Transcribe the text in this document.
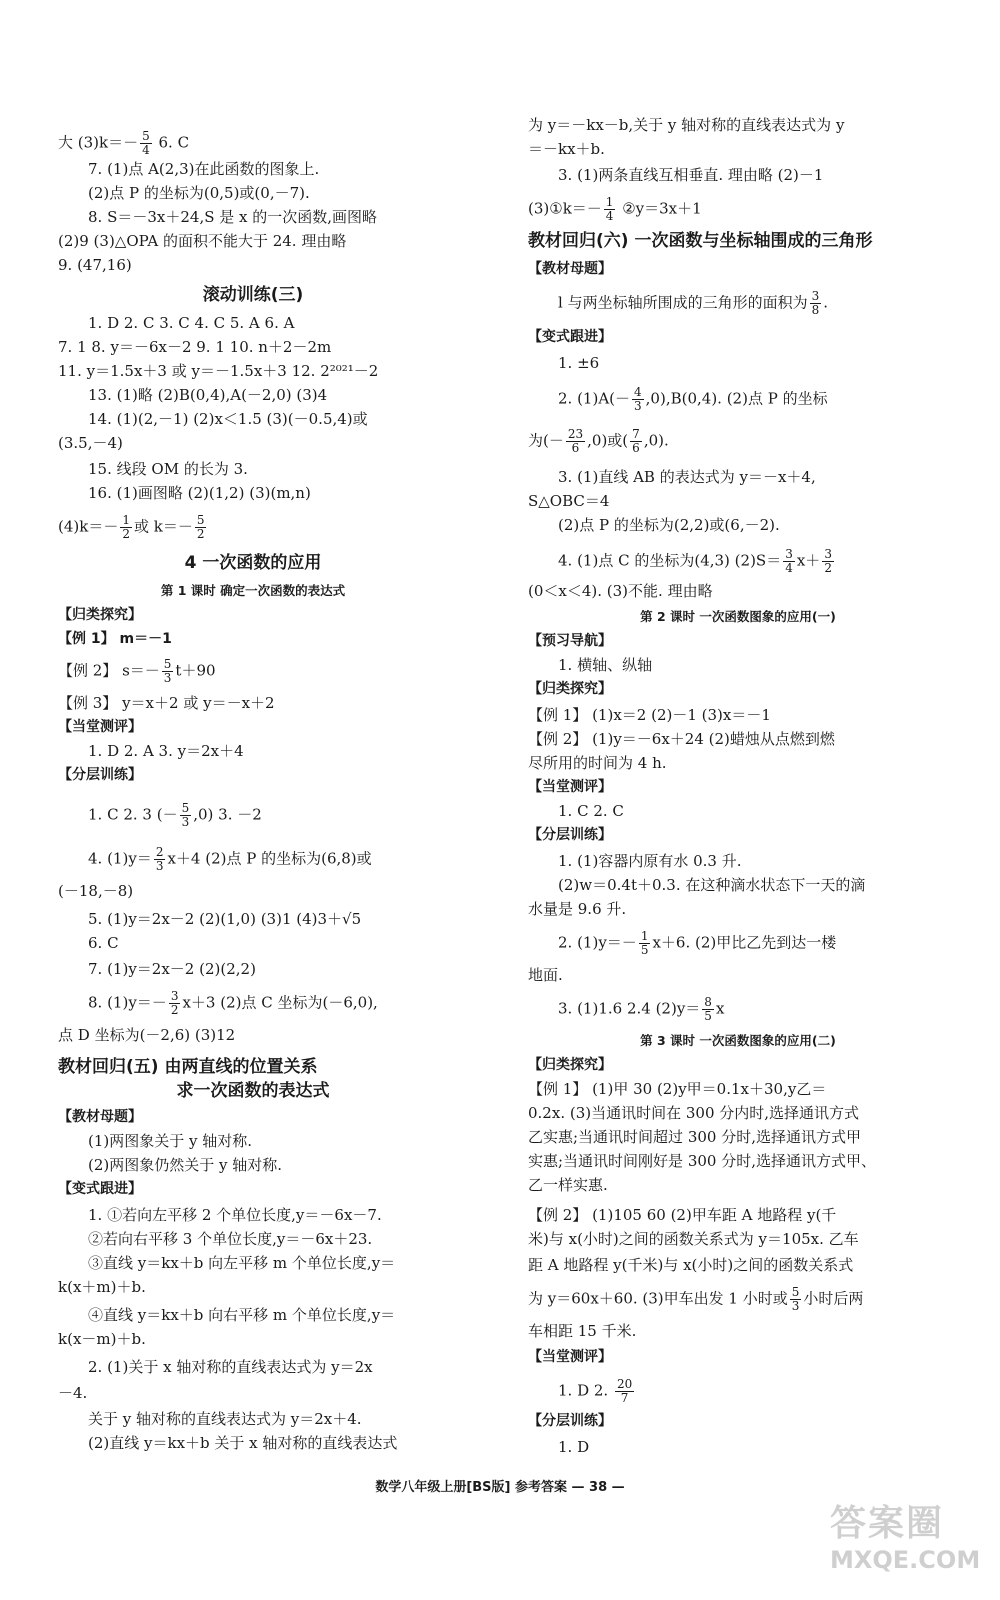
大 $(3)k=- \frac{5}{4} 6$. C
7. (1)点 A(2,3)在此函数的图象上.
(2)点 P 的坐标为(0,5)或(0,－7).
8. S＝－3x＋24,S 是 x 的一次函数,画图略
(2)9 (3)△OPA 的面积不能大于 24. 理由略
9. (47,16)
滚动训练(三)
1. D 2. C 3. C 4. C 5. A 6. A
7. 1 8. y＝－6x－2 9. 1 10. n＋2－2m
11. y＝1.5x＋3 或 y＝－1.5x＋3 12. 2²⁰²¹－2
13. (1)略 (2)B(0,4),A(－2,0) (3)4
14. (1)(2,－1) (2)x＜1.5 (3)(－0.5,4)或
(3.5,－4)
15. 线段 OM 的长为 3.
16. (1)画图略 (2)(1,2) (3)(m,n)
$(4)k=- \frac{1}{2}$ 或 $k=- \frac{5}{2}$
4 一次函数的应用
第 1 课时 确定一次函数的表达式
【归类探究】
【例 1】 m＝－1
【例 2】 $s=- \frac{5}{3} t+90$
【例 3】 y＝x＋2 或 y＝－x＋2
【当堂测评】
1. D 2. A 3. y＝2x＋4
【分层训练】
1. C 2. 3 (－ $\frac{5}{3} ,0$) 3. －2
4. $(1)y= \frac{2}{3} x+4$ (2)点 P 的坐标为(6,8)或
(－18,－8)
5. (1)y＝2x－2 (2)(1,0) (3)1 (4)3＋√5
6. C
7. (1)y＝2x－2 (2)(2,2)
8. $(1)y=- \frac{3}{2} x+3$ (2)点 C 坐标为(－6,0),
点 D 坐标为(－2,6) (3)12
教材回归(五) 由两直线的位置关系
求一次函数的表达式
【教材母题】
(1)两图象关于 y 轴对称.
(2)两图象仍然关于 y 轴对称.
【变式跟进】
1. ①若向左平移 2 个单位长度,y＝－6x－7.
②若向右平移 3 个单位长度,y＝－6x＋23.
③直线 y＝kx＋b 向左平移 m 个单位长度,y＝
k(x＋m)＋b.
④直线 y＝kx＋b 向右平移 m 个单位长度,y＝
k(x－m)＋b.
2. (1)关于 x 轴对称的直线表达式为 y＝2x
－4.
关于 y 轴对称的直线表达式为 y＝2x＋4.
(2)直线 y＝kx＋b 关于 x 轴对称的直线表达式
为 y＝－kx－b,关于 y 轴对称的直线表达式为 y
＝－kx＋b.
3. (1)两条直线互相垂直. 理由略 (2)－1
(3)①k＝－ $\frac{1}{4}$ ②y＝3x＋1
教材回归(六) 一次函数与坐标轴围成的三角形
【教材母题】
l 与两坐标轴所围成的三角形的面积为 $\frac{3}{8}$ .
【变式跟进】
1. ±6
2. $(1)A(- \frac{4}{3} ,0),B(0,4)$. (2)点 P 的坐标
为(－ $\frac{23}{6} ,0$)或( $\frac{7}{6} ,0$).
3. (1)直线 AB 的表达式为 y＝－x＋4,
S△OBC＝4
(2)点 P 的坐标为(2,2)或(6,－2).
4. (1)点 C 的坐标为(4,3) $(2)S= \frac{3}{4} x+ \frac{3}{2}$
(0＜x＜4). (3)不能. 理由略
第 2 课时 一次函数图象的应用(一)
【预习导航】
1. 横轴、纵轴
【归类探究】
【例 1】 (1)x＝2 (2)－1 (3)x＝－1
【例 2】 (1)y＝－6x＋24 (2)蜡烛从点燃到燃
尽所用的时间为 4 h.
【当堂测评】
1. C 2. C
【分层训练】
1. (1)容器内原有水 0.3 升.
(2)w＝0.4t＋0.3. 在这种滴水状态下一天的滴
水量是 9.6 升.
2. $(1)y=- \frac{1}{5} x+6$. (2)甲比乙先到达一楼
地面.
3. (1)1.6 2.4 $(2)y= \frac{8}{5}$ x
第 3 课时 一次函数图象的应用(二)
【归类探究】
【例 1】 (1)甲 30 (2)y甲＝0.1x＋30,y乙＝
0.2x. (3)当通讯时间在 300 分内时,选择通讯方式
乙实惠;当通讯时间超过 300 分时,选择通讯方式甲
实惠;当通讯时间刚好是 300 分时,选择通讯方式甲、
乙一样实惠.
【例 2】 (1)105 60 (2)甲车距 A 地路程 y(千
米)与 x(小时)之间的函数关系式为 y＝105x. 乙车
距 A 地路程 y(千米)与 x(小时)之间的函数关系式
为 y＝60x＋60. (3)甲车出发 1 小时或 $\frac{5}{3}$ 小时后两
车相距 15 千米.
【当堂测评】
1. D 2. $\frac{20}{7}$
【分层训练】
1. D
数学八年级上册[BS版] 参考答案 — 38 —
答案圈
MXQE.COM
